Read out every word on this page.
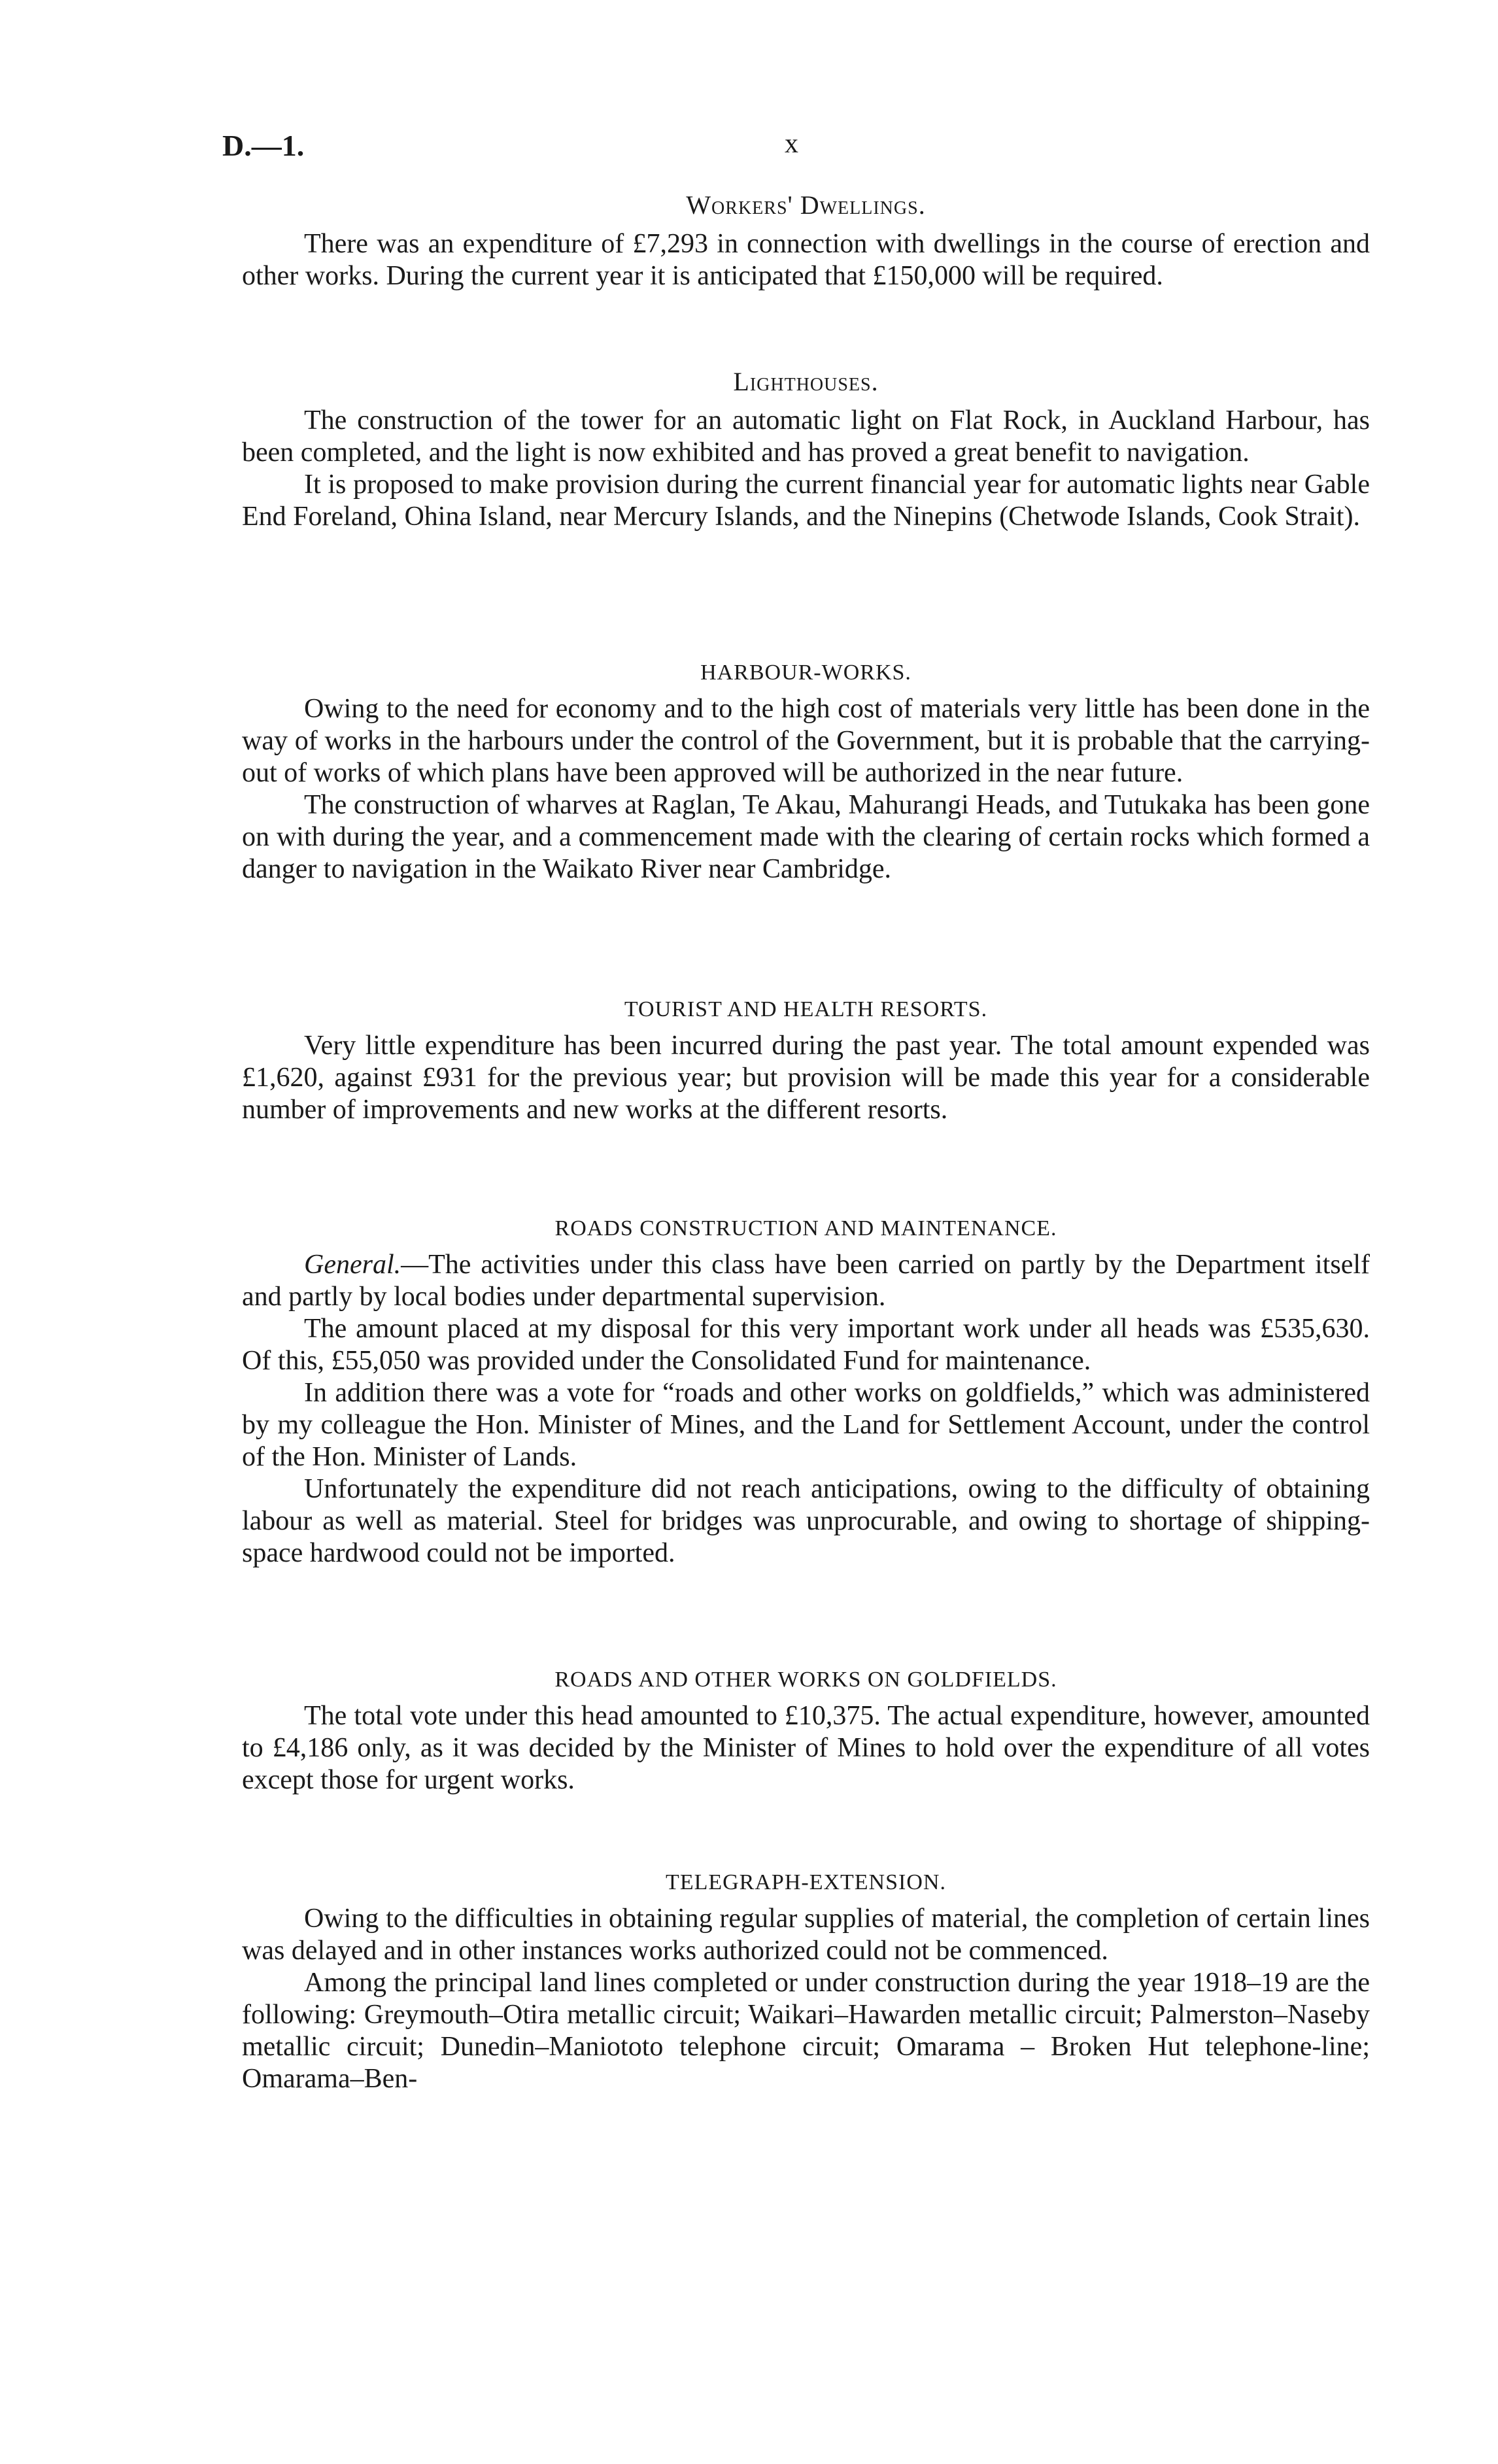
D.—1.	x
Workers' Dwellings.

There was an expenditure of £7,293 in connection with dwellings in the course of erection and other works. During the current year it is anticipated that £150,000 will be required.

Lighthouses.

The construction of the tower for an automatic light on Flat Rock, in Auckland Harbour, has been completed, and the light is now exhibited and has proved a great benefit to navigation.

It is proposed to make provision during the current financial year for automatic lights near Gable End Foreland, Ohina Island, near Mercury Islands, and the Ninepins (Chetwode Islands, Cook Strait).

HARBOUR-WORKS.

Owing to the need for economy and to the high cost of materials very little has been done in the way of works in the harbours under the control of the Government, but it is probable that the carrying-out of works of which plans have been approved will be authorized in the near future.

The construction of wharves at Raglan, Te Akau, Mahurangi Heads, and Tutukaka has been gone on with during the year, and a commencement made with the clearing of certain rocks which formed a danger to navigation in the Waikato River near Cambridge.

TOURIST AND HEALTH RESORTS.

Very little expenditure has been incurred during the past year. The total amount expended was £1,620, against £931 for the previous year; but provision will be made this year for a considerable number of improvements and new works at the different resorts.

ROADS CONSTRUCTION AND MAINTENANCE.

General.—The activities under this class have been carried on partly by the Department itself and partly by local bodies under departmental supervision.

The amount placed at my disposal for this very important work under all heads was £535,630. Of this, £55,050 was provided under the Consolidated Fund for maintenance.

In addition there was a vote for “roads and other works on goldfields,” which was administered by my colleague the Hon. Minister of Mines, and the Land for Settlement Account, under the control of the Hon. Minister of Lands.

Unfortunately the expenditure did not reach anticipations, owing to the difficulty of obtaining labour as well as material. Steel for bridges was unprocurable, and owing to shortage of shipping-space hardwood could not be imported.

ROADS AND OTHER WORKS ON GOLDFIELDS.

The total vote under this head amounted to £10,375. The actual expenditure, however, amounted to £4,186 only, as it was decided by the Minister of Mines to hold over the expenditure of all votes except those for urgent works.

TELEGRAPH-EXTENSION.

Owing to the difficulties in obtaining regular supplies of material, the completion of certain lines was delayed and in other instances works authorized could not be commenced.

Among the principal land lines completed or under construction during the year 1918–19 are the following: Greymouth–Otira metallic circuit; Waikari–Hawarden metallic circuit; Palmerston–Naseby metallic circuit; Dunedin–Maniototo telephone circuit; Omarama – Broken Hut telephone-line; Omarama–Ben-
